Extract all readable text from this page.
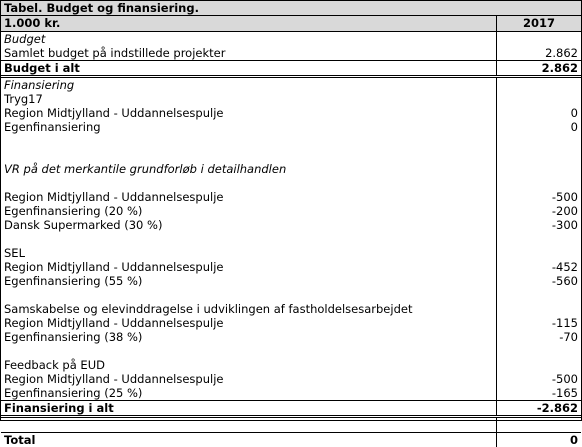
Tabel. Budget og finansiering.
1.000 kr.	2017
Budget
Samlet budget på indstillede projekter	2.862
Budget i alt	2.862
Finansiering
Tryg17
Region Midtjylland - Uddannelsespulje	0
Egenfinansiering	0
VR på det merkantile grundforløb i detailhandlen
Region Midtjylland - Uddannelsespulje	-500
Egenfinansiering (20 %)	-200
Dansk Supermarked (30 %)	-300
SEL
Region Midtjylland - Uddannelsespulje	-452
Egenfinansiering (55 %)	-560
Samskabelse og elevinddragelse i udviklingen af fastholdelsesarbejdet
Region Midtjylland - Uddannelsespulje	-115
Egenfinansiering (38 %)	-70
Feedback på EUD
Region Midtjylland - Uddannelsespulje	-500
Egenfinansiering (25 %)	-165
Finansiering i alt	-2.862
Total	0
